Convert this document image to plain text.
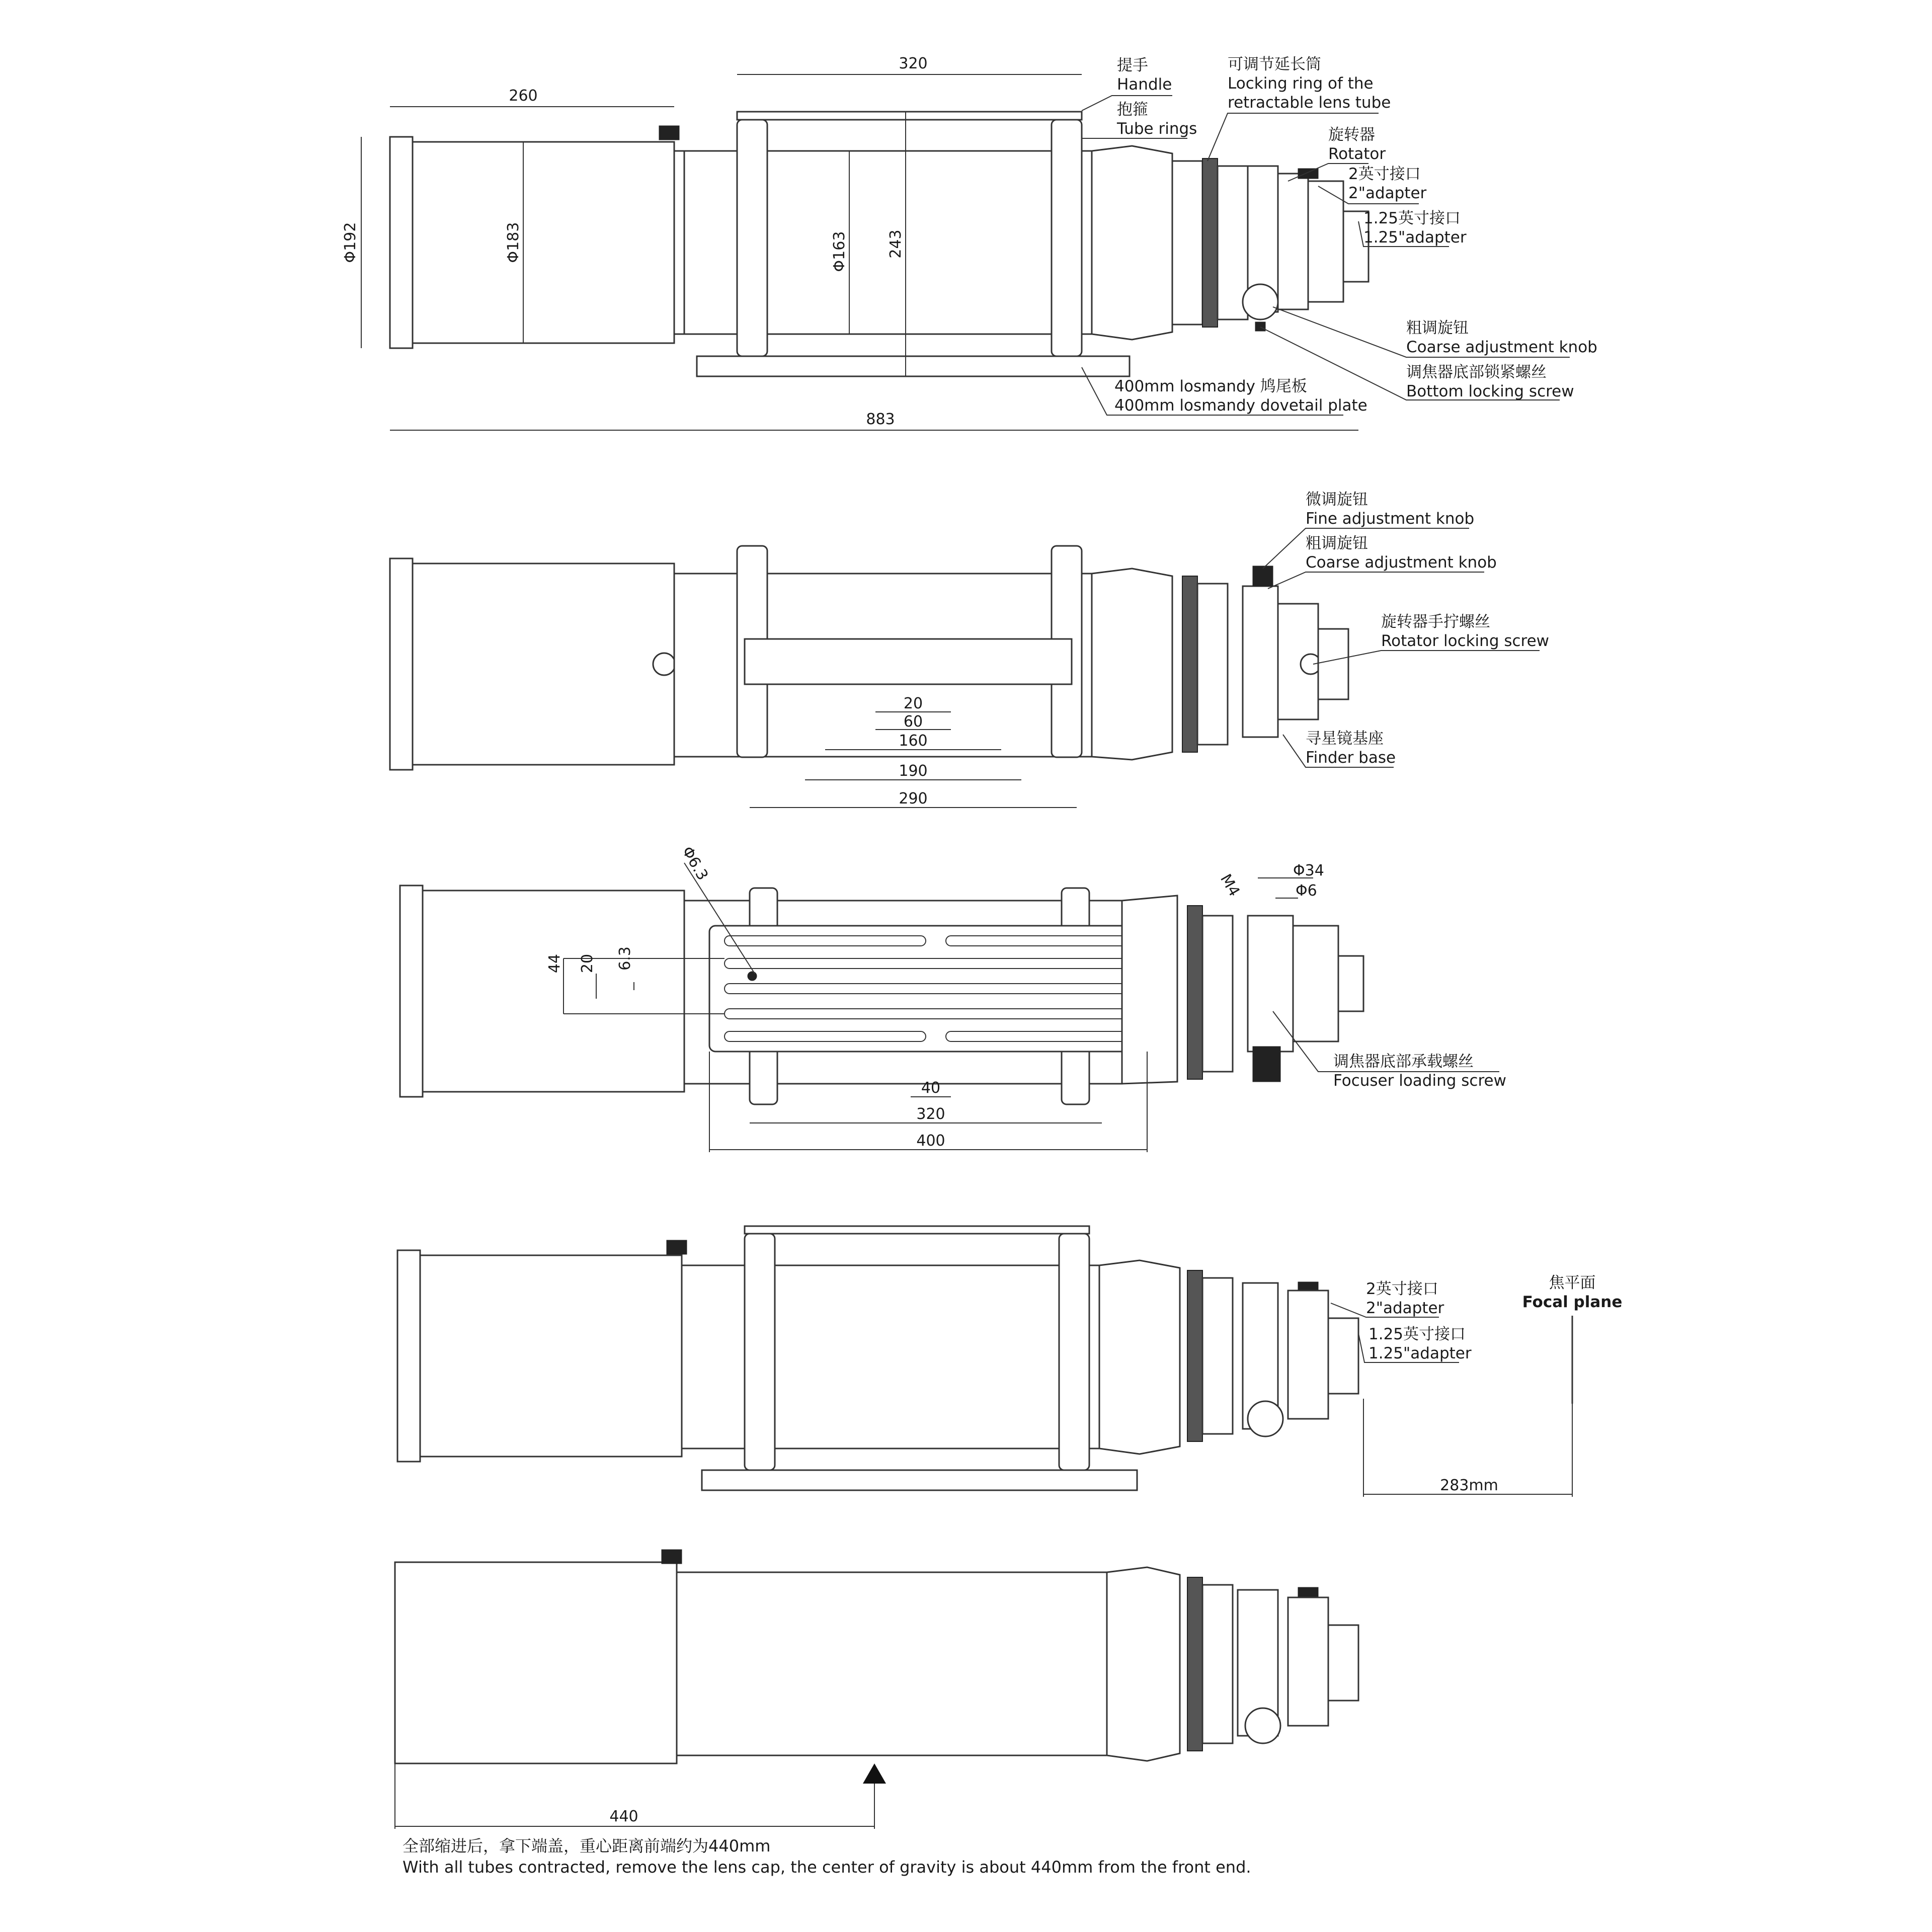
260
320
883
Φ192	Φ183	Φ163	243
提手
Handle
抱箍
Tube rings
可调节延长筒
Locking ring of the
retractable lens tube
旋转器
Rotator
2英寸接口
2"adapter
1.25英寸接口
1.25"adapter
粗调旋钮
Coarse adjustment knob
调焦器底部锁紧螺丝
Bottom locking screw
400mm losmandy 鸠尾板
400mm losmandy dovetail plate
20
60
160
190
290
微调旋钮
Fine adjustment knob
粗调旋钮
Coarse adjustment knob
旋转器手拧螺丝
Rotator locking screw
寻星镜基座
Finder base
44 20 6.3
Φ6.3
40
320
400
M4
Φ34
Φ6
调焦器底部承载螺丝
Focuser loading screw
283mm
焦平面
Focal plane
2英寸接口
2"adapter
1.25英寸接口
1.25"adapter
440
全部缩进后，拿下端盖，重心距离前端约为440mm
With all tubes contracted, remove the lens cap, the center of gravity is about 440mm from the front end.
